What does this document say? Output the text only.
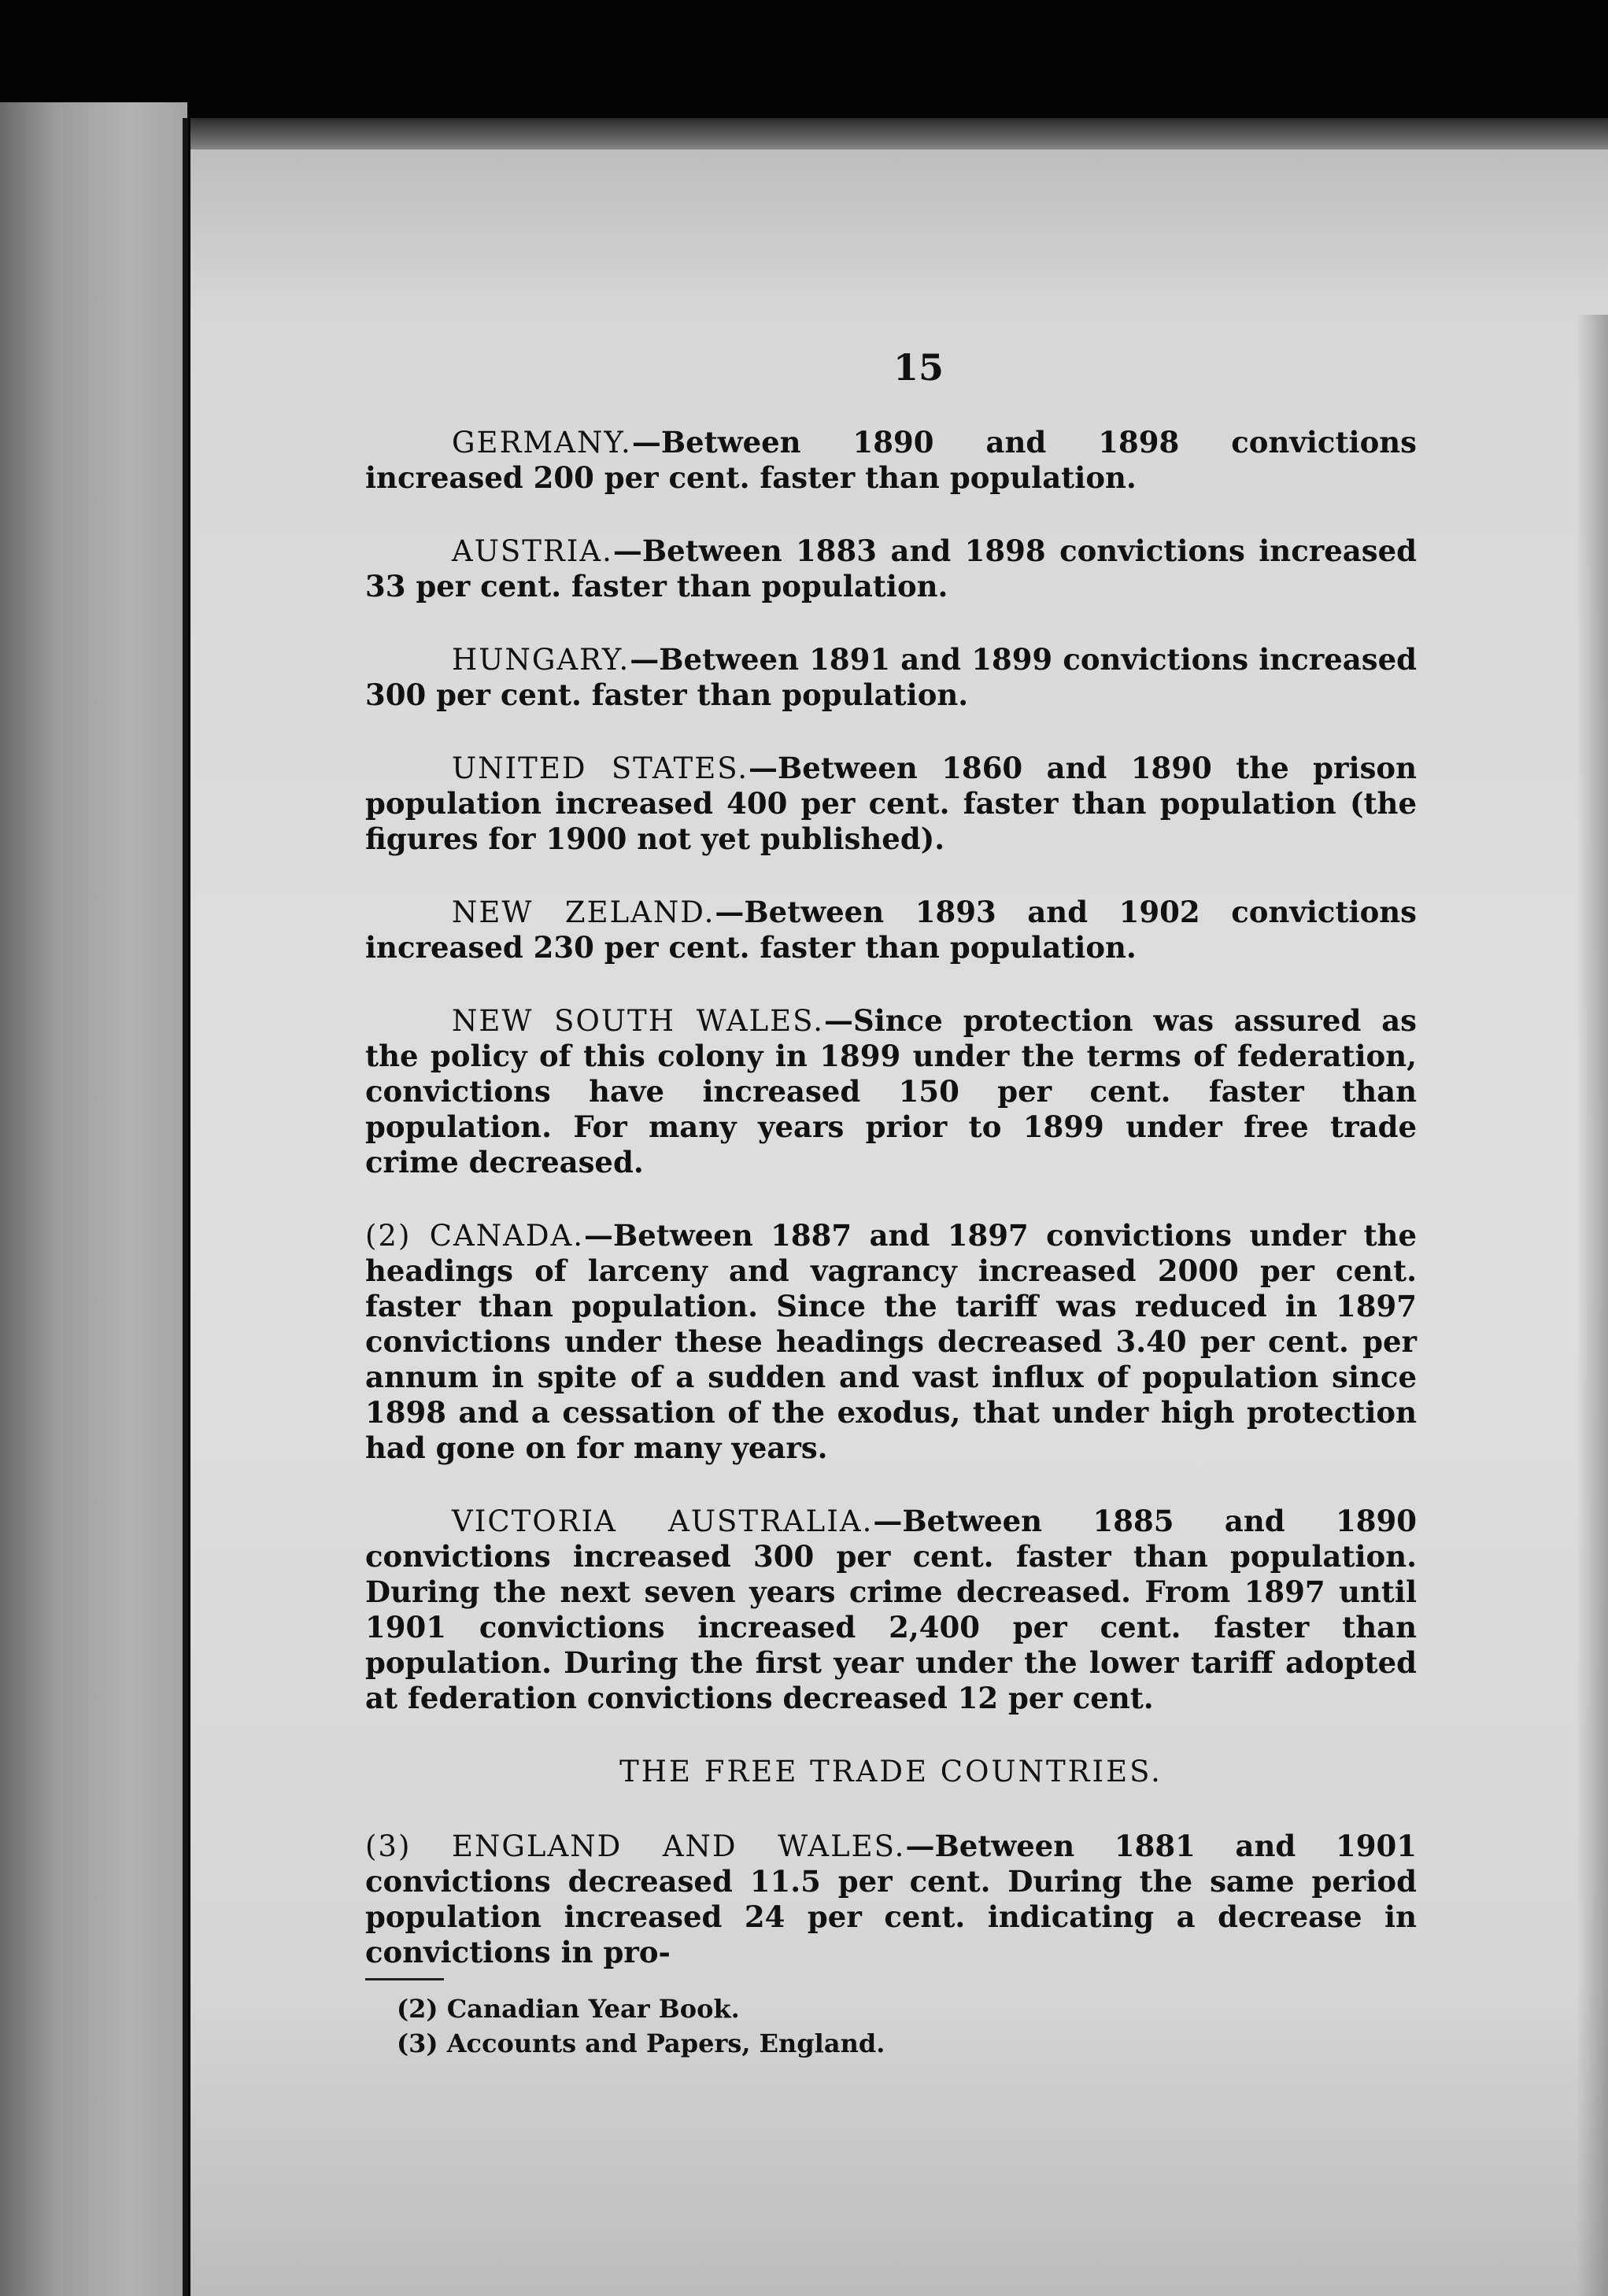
15

GERMANY.—Between 1890 and 1898 convictions increased 200 per cent. faster than population.

AUSTRIA.—Between 1883 and 1898 convictions increased 33 per cent. faster than population.

HUNGARY.—Between 1891 and 1899 convictions increased 300 per cent. faster than population.

UNITED STATES.—Between 1860 and 1890 the prison population increased 400 per cent. faster than population (the figures for 1900 not yet published).

NEW ZELAND.—Between 1893 and 1902 convictions increased 230 per cent. faster than population.

NEW SOUTH WALES.—Since protection was assured as the policy of this colony in 1899 under the terms of federation, convictions have increased 150 per cent. faster than population. For many years prior to 1899 under free trade crime decreased.

(2) CANADA.—Between 1887 and 1897 convictions under the headings of larceny and vagrancy increased 2000 per cent. faster than population. Since the tariff was reduced in 1897 convictions under these headings decreased 3.40 per cent. per annum in spite of a sudden and vast influx of population since 1898 and a cessation of the exodus, that under high protection had gone on for many years.

VICTORIA AUSTRALIA.—Between 1885 and 1890 convictions increased 300 per cent. faster than population. During the next seven years crime decreased. From 1897 until 1901 convictions increased 2,400 per cent. faster than population. During the first year under the lower tariff adopted at federation convictions decreased 12 per cent.

THE FREE TRADE COUNTRIES.

(3) ENGLAND AND WALES.—Between 1881 and 1901 convictions decreased 11.5 per cent. During the same period population increased 24 per cent. indicating a decrease in convictions in pro-

(2) Canadian Year Book.
(3) Accounts and Papers, England.
